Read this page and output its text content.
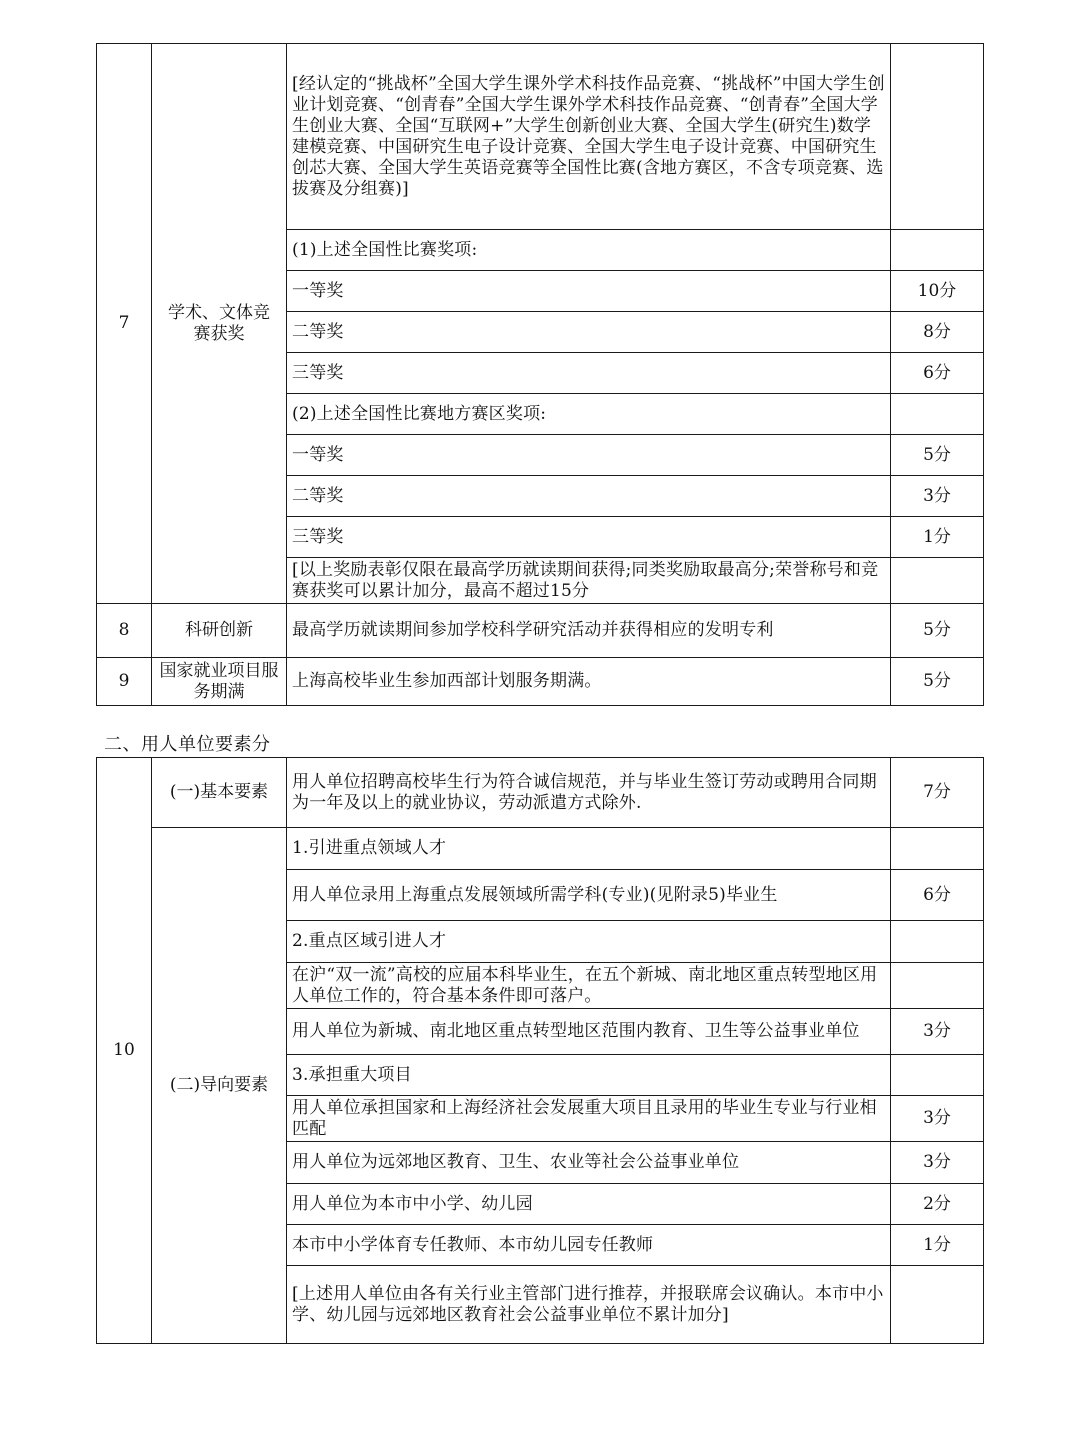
7	学术、文体竞赛获奖	[经认定的“挑战杯”全国大学生课外学术科技作品竞赛、“挑战杯”中国大学生创业计划竞赛、“创青春”全国大学生课外学术科技作品竞赛、“创青春”全国大学生创业大赛、全国“互联网+”大学生创新创业大赛、全国大学生(研究生)数学建模竞赛、中国研究生电子设计竞赛、全国大学生电子设计竞赛、中国研究生创芯大赛、全国大学生英语竞赛等全国性比赛(含地方赛区，不含专项竞赛、选拔赛及分组赛)]	
		(1)上述全国性比赛奖项:	
		一等奖	10分
		二等奖	8分
		三等奖	6分
		(2)上述全国性比赛地方赛区奖项:	
		一等奖	5分
		二等奖	3分
		三等奖	1分
		[以上奖励表彰仅限在最高学历就读期间获得;同类奖励取最高分;荣誉称号和竞赛获奖可以累计加分，最高不超过15分	
8	科研创新	最高学历就读期间参加学校科学研究活动并获得相应的发明专利	5分
9	国家就业项目服务期满	上海高校毕业生参加西部计划服务期满。	5分
二、用人单位要素分
10	(一)基本要素	用人单位招聘高校毕生行为符合诚信规范，并与毕业生签订劳动或聘用合同期为一年及以上的就业协议，劳动派遣方式除外.	7分
	(二)导向要素	1.引进重点领域人才	
		用人单位录用上海重点发展领域所需学科(专业)(见附录5)毕业生	6分
		2.重点区域引进人才	
		在沪“双一流”高校的应届本科毕业生，在五个新城、南北地区重点转型地区用人单位工作的，符合基本条件即可落户。	
		用人单位为新城、南北地区重点转型地区范围内教育、卫生等公益事业单位	3分
		3.承担重大项目	
		用人单位承担国家和上海经济社会发展重大项目且录用的毕业生专业与行业相匹配	3分
		用人单位为远郊地区教育、卫生、农业等社会公益事业单位	3分
		用人单位为本市中小学、幼儿园	2分
		本市中小学体育专任教师、本市幼儿园专任教师	1分
		[上述用人单位由各有关行业主管部门进行推荐，并报联席会议确认。本市中小学、幼儿园与远郊地区教育社会公益事业单位不累计加分]	
